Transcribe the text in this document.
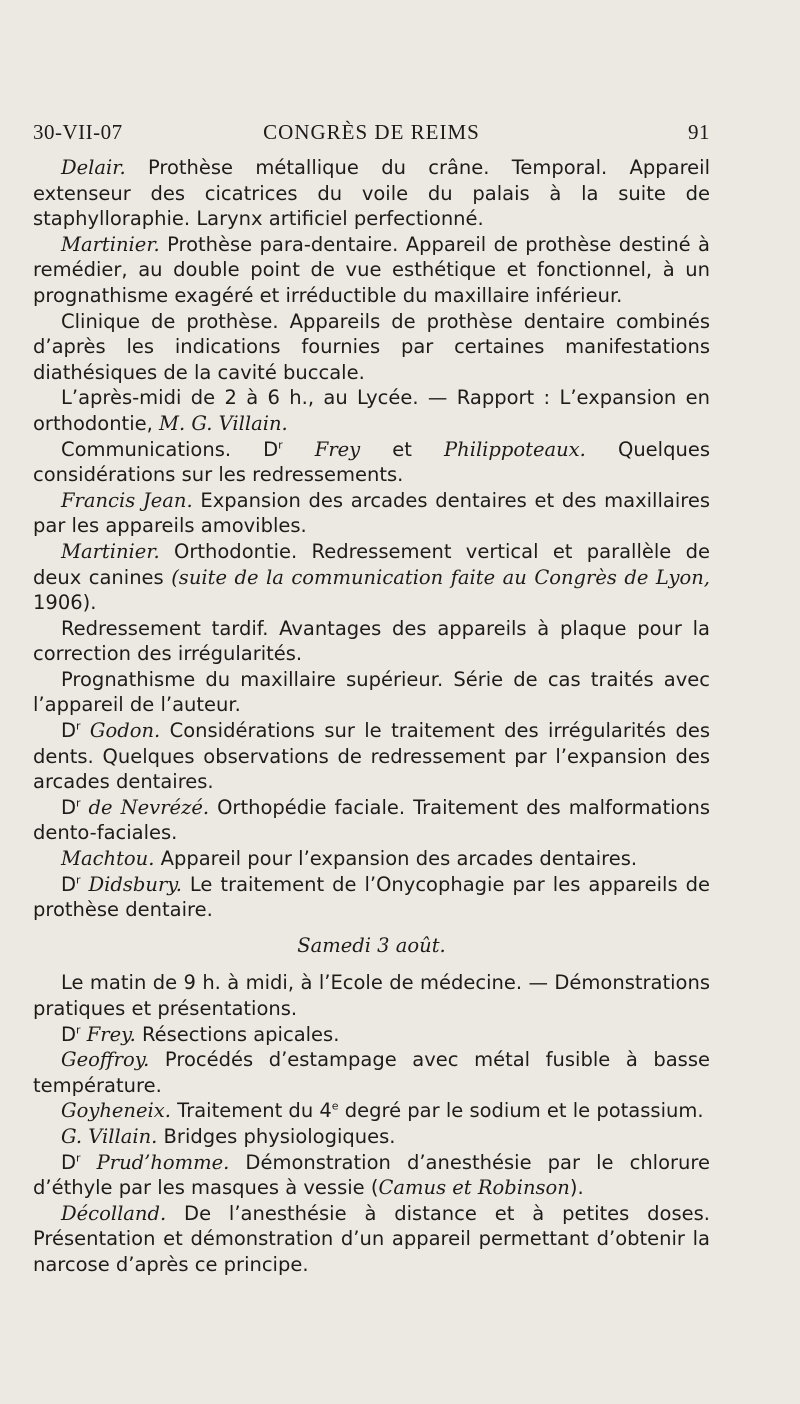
30-VII-07	CONGRÈS DE REIMS	91

Delair. Prothèse métallique du crâne. Temporal. Appareil extenseur des cicatrices du voile du palais à la suite de staphylloraphie. Larynx artificiel perfectionné.

Martinier. Prothèse para-dentaire. Appareil de prothèse destiné à remédier, au double point de vue esthétique et fonctionnel, à un prognathisme exagéré et irréductible du maxillaire inférieur.

Clinique de prothèse. Appareils de prothèse dentaire combinés d’après les indications fournies par certaines manifestations diathésiques de la cavité buccale.

L’après-midi de 2 à 6 h., au Lycée. — Rapport : L’expansion en orthodontie, M. G. Villain.

Communications. $D^r$ Frey et Philippoteaux. Quelques considérations sur les redressements.

Francis Jean. Expansion des arcades dentaires et des maxillaires par les appareils amovibles.

Martinier. Orthodontie. Redressement vertical et parallèle de deux canines (suite de la communication faite au Congrès de Lyon, 1906).

Redressement tardif. Avantages des appareils à plaque pour la correction des irrégularités.

Prognathisme du maxillaire supérieur. Série de cas traités avec l’appareil de l’auteur.

$D^r$ Godon. Considérations sur le traitement des irrégularités des dents. Quelques observations de redressement par l’expansion des arcades dentaires.

$D^r$ de Nevrézé. Orthopédie faciale. Traitement des malformations dento-faciales.

Machtou. Appareil pour l’expansion des arcades dentaires.

$D^r$ Didsbury. Le traitement de l’Onycophagie par les appareils de prothèse dentaire.

Samedi 3 août.

Le matin de 9 h. à midi, à l’Ecole de médecine. — Démonstrations pratiques et présentations.

$D^r$ Frey. Résections apicales.

Geoffroy. Procédés d’estampage avec métal fusible à basse température.

Goyheneix. Traitement du 4e degré par le sodium et le potassium.

G. Villain. Bridges physiologiques.

$D^r$ Prud’homme. Démonstration d’anesthésie par le chlorure d’éthyle par les masques à vessie (Camus et Robinson).

Décolland. De l’anesthésie à distance et à petites doses. Présentation et démonstration d’un appareil permettant d’obtenir la narcose d’après ce principe.
